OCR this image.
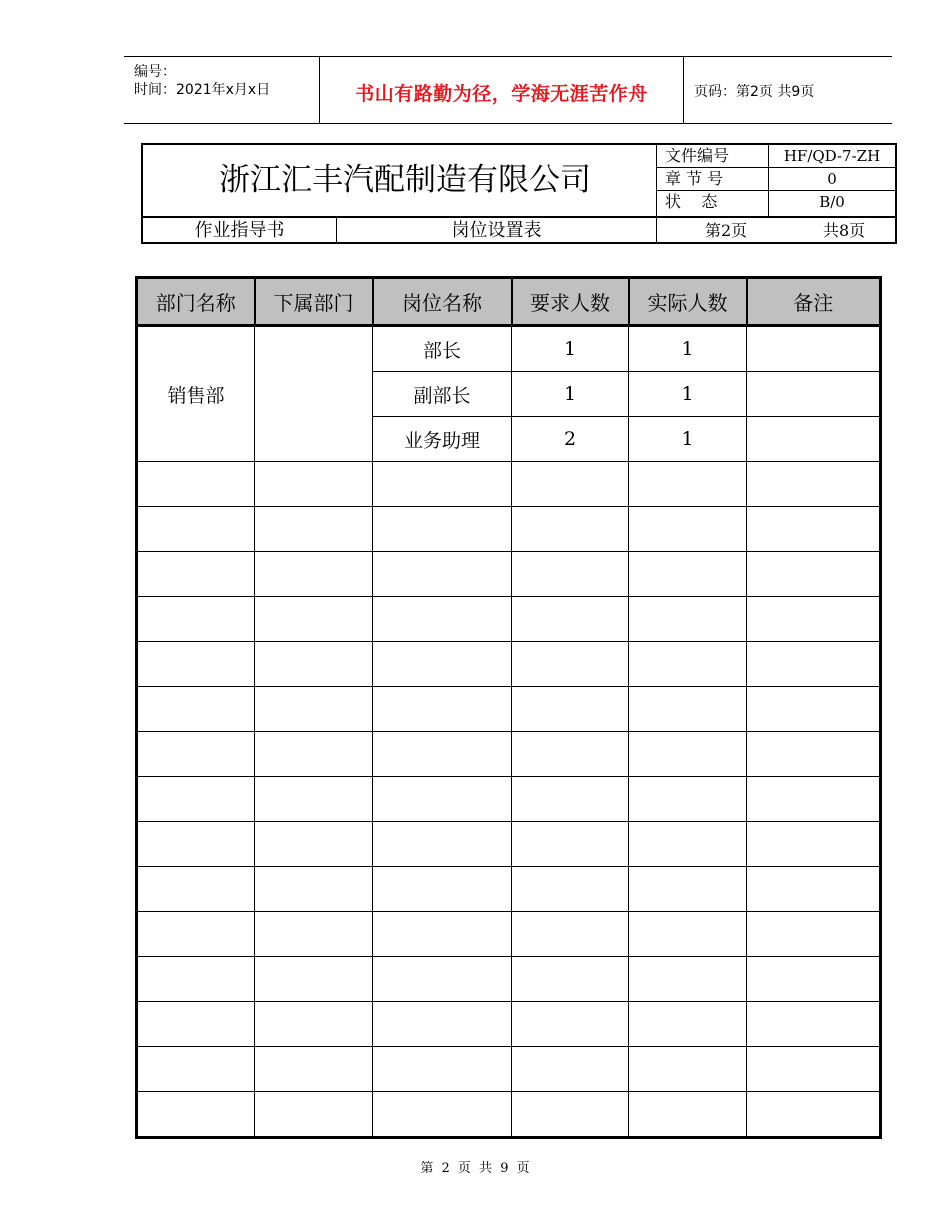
编号：
时间：2021年x月x日	书山有路勤为径，学海无涯苦作舟	页码：第2页 共9页
浙江汇丰汽配制造有限公司
文件编号	HF/QD-7-ZH
章 节 号	0
状    态	B/0
作业指导书	岗位设置表	第2页	共8页
部门名称	下属部门	岗位名称	要求人数	实际人数	备注
销售部		部长	1	1	
		副部长	1	1	
		业务助理	2	1	

第 2 页 共 9 页
